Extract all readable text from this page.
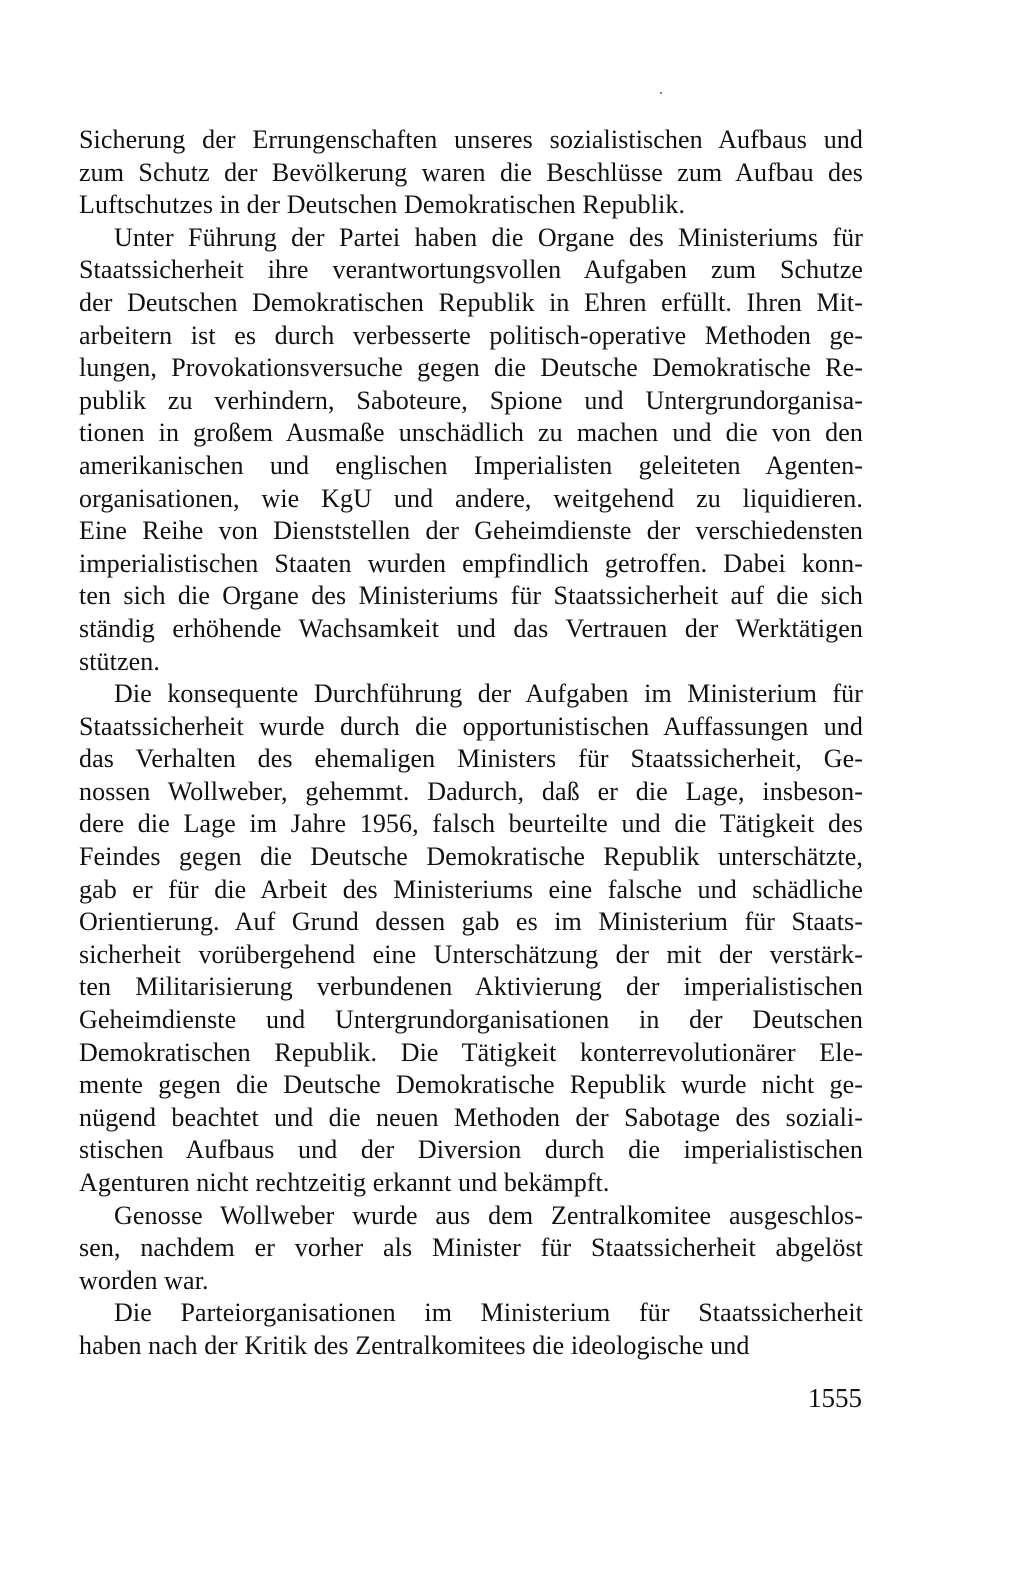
Sicherung der Errungenschaften unseres sozialistischen Aufbaus und
zum Schutz der Bevölkerung waren die Beschlüsse zum Aufbau des
Luftschutzes in der Deutschen Demokratischen Republik.
Unter Führung der Partei haben die Organe des Ministeriums für
Staatssicherheit ihre verantwortungsvollen Aufgaben zum Schutze
der Deutschen Demokratischen Republik in Ehren erfüllt. Ihren Mit-
arbeitern ist es durch verbesserte politisch-operative Methoden ge-
lungen, Provokationsversuche gegen die Deutsche Demokratische Re-
publik zu verhindern, Saboteure, Spione und Untergrundorganisa-
tionen in großem Ausmaße unschädlich zu machen und die von den
amerikanischen und englischen Imperialisten geleiteten Agenten-
organisationen, wie KgU und andere, weitgehend zu liquidieren.
Eine Reihe von Dienststellen der Geheimdienste der verschiedensten
imperialistischen Staaten wurden empfindlich getroffen. Dabei konn-
ten sich die Organe des Ministeriums für Staatssicherheit auf die sich
ständig erhöhende Wachsamkeit und das Vertrauen der Werktätigen
stützen.
Die konsequente Durchführung der Aufgaben im Ministerium für
Staatssicherheit wurde durch die opportunistischen Auffassungen und
das Verhalten des ehemaligen Ministers für Staatssicherheit, Ge-
nossen Wollweber, gehemmt. Dadurch, daß er die Lage, insbeson-
dere die Lage im Jahre 1956, falsch beurteilte und die Tätigkeit des
Feindes gegen die Deutsche Demokratische Republik unterschätzte,
gab er für die Arbeit des Ministeriums eine falsche und schädliche
Orientierung. Auf Grund dessen gab es im Ministerium für Staats-
sicherheit vorübergehend eine Unterschätzung der mit der verstärk-
ten Militarisierung verbundenen Aktivierung der imperialistischen
Geheimdienste und Untergrundorganisationen in der Deutschen
Demokratischen Republik. Die Tätigkeit konterrevolutionärer Ele-
mente gegen die Deutsche Demokratische Republik wurde nicht ge-
nügend beachtet und die neuen Methoden der Sabotage des soziali-
stischen Aufbaus und der Diversion durch die imperialistischen
Agenturen nicht rechtzeitig erkannt und bekämpft.
Genosse Wollweber wurde aus dem Zentralkomitee ausgeschlos-
sen, nachdem er vorher als Minister für Staatssicherheit abgelöst
worden war.
Die Parteiorganisationen im Ministerium für Staatssicherheit
haben nach der Kritik des Zentralkomitees die ideologische und
1555
